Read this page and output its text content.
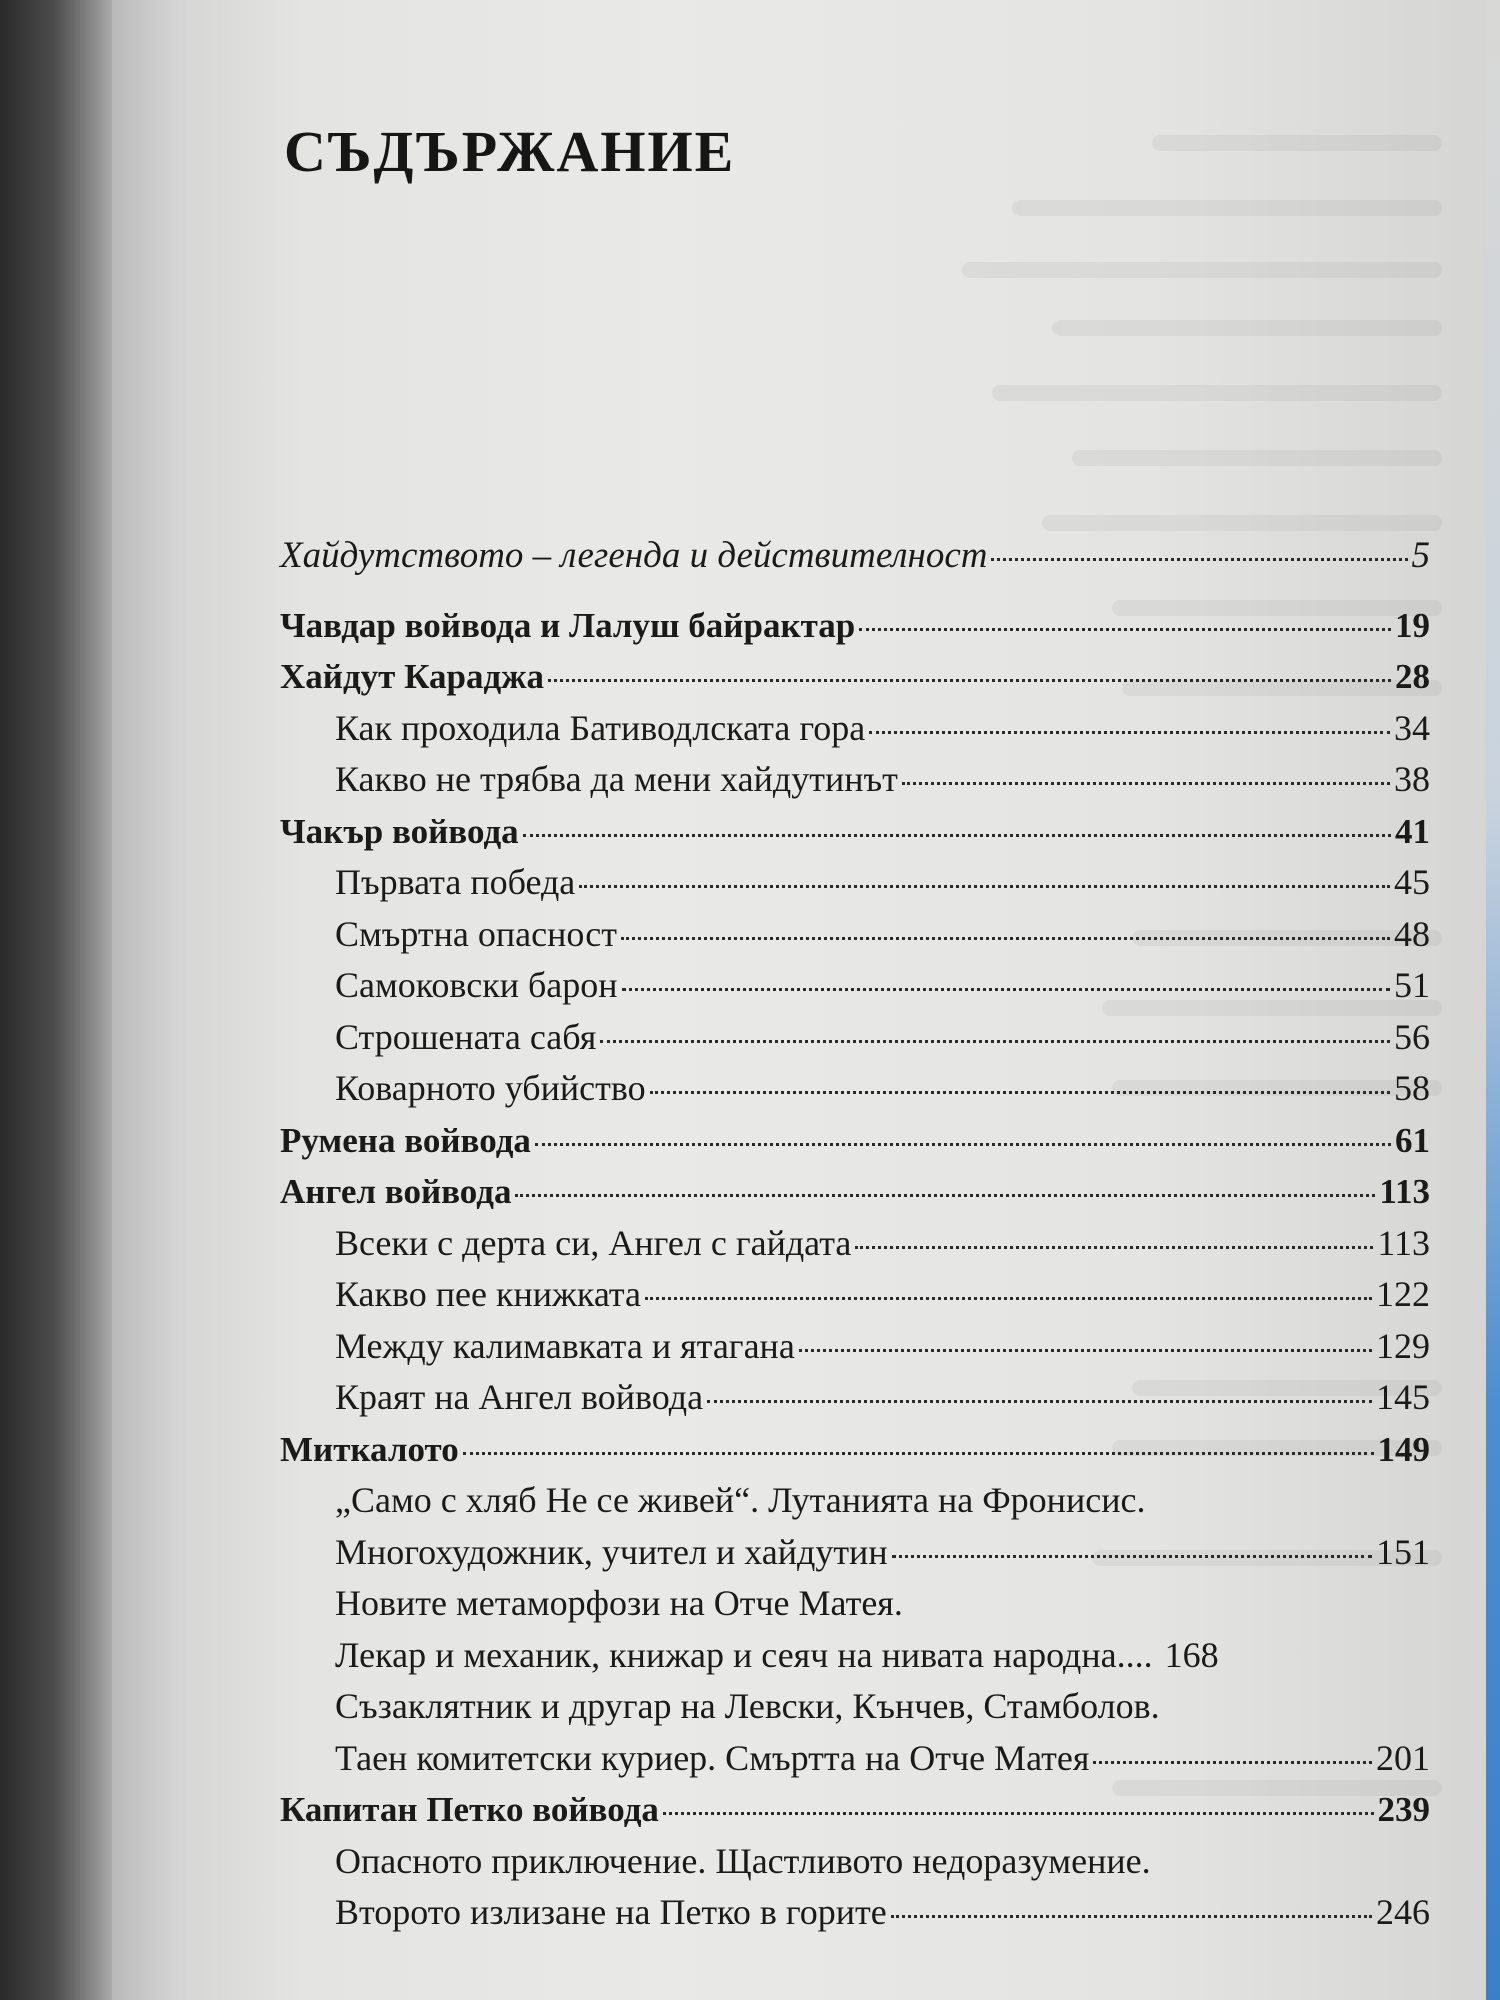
СЪДЪРЖАНИЕ
Хайдутството – легенда и действителност	5
Чавдар войвода и Лалуш байрактар	19
Хайдут Караджа	28
Как проходила Бативодлската гора	34
Какво не трябва да мени хайдутинът	38
Чакър войвода	41
Първата победа	45
Смъртна опасност	48
Самоковски барон	51
Строшената сабя	56
Коварното убийство	58
Румена войвода	61
Ангел войвода	113
Всеки с дерта си, Ангел с гайдата	113
Какво пее книжката	122
Между калимавката и ятагана	129
Краят на Ангел войвода	145
Миткалото	149
„Само с хляб Не се живей“. Лутанията на Фронисис.
Многохудожник, учител и хайдутин	151
Новите метаморфози на Отче Матея.
Лекар и механик, книжар и сеяч на нивата народна.... 168
Съзаклятник и другар на Левски, Кънчев, Стамболов.
Таен комитетски куриер. Смъртта на Отче Матея	201
Капитан Петко войвода	239
Опасното приключение. Щастливото недоразумение.
Второто излизане на Петко в горите	246
